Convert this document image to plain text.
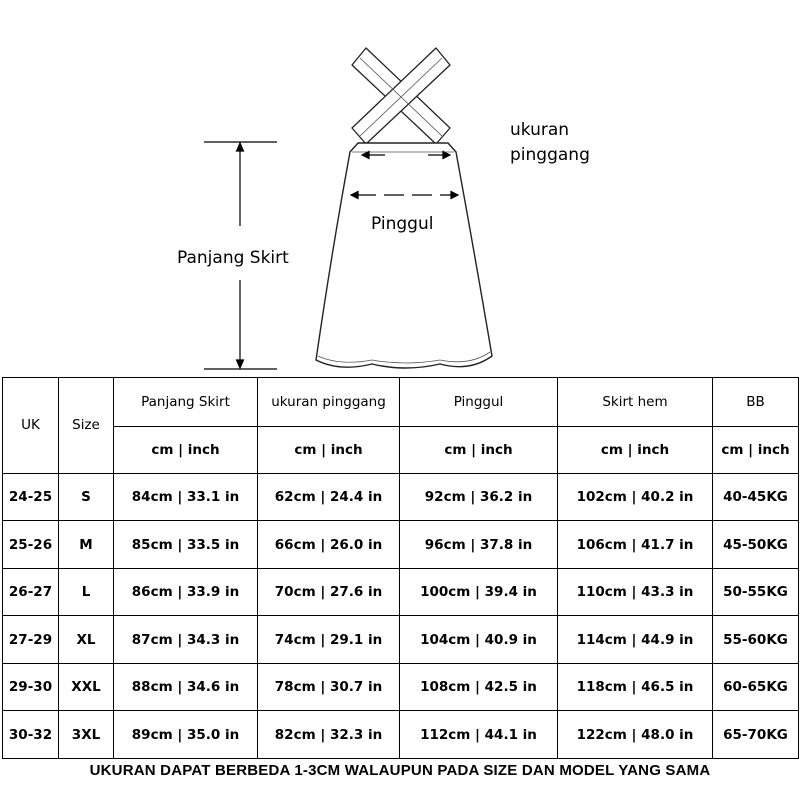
ukuran
pinggang
Pinggul
Panjang Skirt
UK	Size	Panjang Skirt	ukuran pinggang	Pinggul	Skirt hem	BB
		cm | inch	cm | inch	cm | inch	cm | inch	cm | inch
24-25	S	84cm | 33.1 in	62cm | 24.4 in	92cm | 36.2 in	102cm | 40.2 in	40-45KG
25-26	M	85cm | 33.5 in	66cm | 26.0 in	96cm | 37.8 in	106cm | 41.7 in	45-50KG
26-27	L	86cm | 33.9 in	70cm | 27.6 in	100cm | 39.4 in	110cm | 43.3 in	50-55KG
27-29	XL	87cm | 34.3 in	74cm | 29.1 in	104cm | 40.9 in	114cm | 44.9 in	55-60KG
29-30	XXL	88cm | 34.6 in	78cm | 30.7 in	108cm | 42.5 in	118cm | 46.5 in	60-65KG
30-32	3XL	89cm | 35.0 in	82cm | 32.3 in	112cm | 44.1 in	122cm | 48.0 in	65-70KG
UKURAN DAPAT BERBEDA 1-3CM WALAUPUN PADA SIZE DAN MODEL YANG SAMA
